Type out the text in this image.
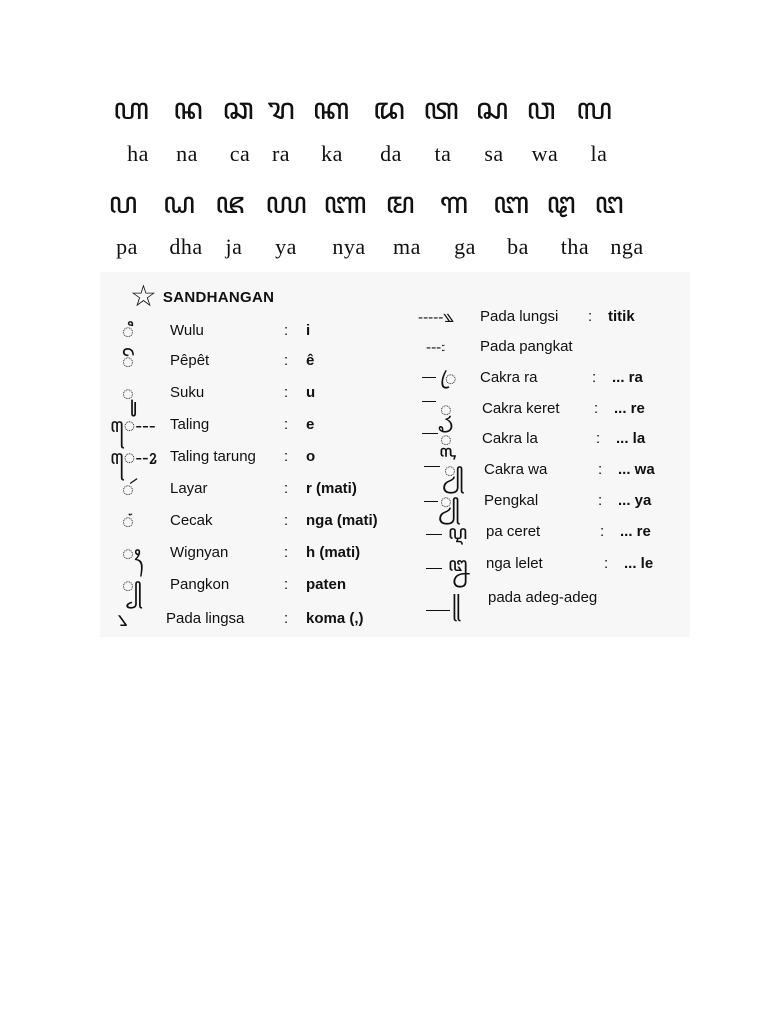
ꦲ ꦤ ꦕ ꦫ ꦏ ꦢ ꦠ ꦱ ꦮ ꦭ
ha na ca ra ka da ta sa wa la
ꦥ ꦝ ꦗ ꦪ ꦚ ꦩ ꦒ ꦧ ꦛ ꦔ
pa dha ja ya nya ma ga ba tha nga
☆ SANDHANGAN
ꦶ Wulu	: i
ꦼ Pêpêt	: ê
ꦸ Suku	: u
ꦺ--- Taling	: e
ꦺ--ꦴ Taling tarung : o
ꦂ Layar	: r (mati)
ꦁ Cecak	: nga (mati)
ꦃ Wignyan	: h (mati)
꧀ Pangkon	: paten
꧈	Pada lingsa	: koma (,)
-----꧉ Pada lungsi : titik
---꧇ Pada pangkat
ꦿ Cakra ra	: ... ra
ꦽ Cakra keret : ... re
꧀ꦭ Cakra la	: ... la
ꦾ Cakra wa	: ... wa
ꦾ Pengkal	: ... ya
ꦉ pa ceret	: ... re
ꦊ nga lelet	: ... le
꧋ pada adeg-adeg
